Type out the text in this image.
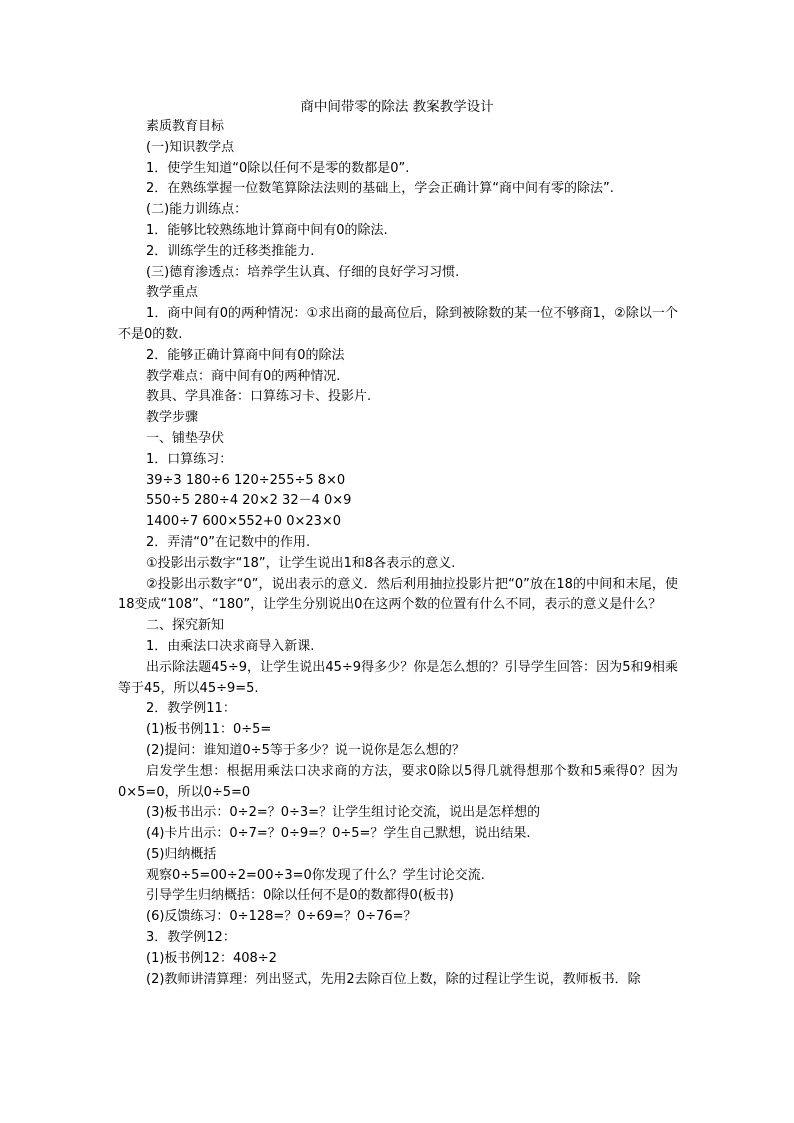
商中间带零的除法 教案教学设计

素质教育目标

(一)知识教学点

1．使学生知道“0除以任何不是零的数都是0”.

2．在熟练掌握一位数笔算除法法则的基础上，学会正确计算“商中间有零的除法”.

(二)能力训练点：

1．能够比较熟练地计算商中间有0的除法.

2．训练学生的迁移类推能力.

(三)德育渗透点：培养学生认真、仔细的良好学习习惯.

教学重点

1．商中间有0的两种情况：①求出商的最高位后，除到被除数的某一位不够商1，②除以一个不是0的数.

2．能够正确计算商中间有0的除法

教学难点：商中间有0的两种情况.

教具、学具准备：口算练习卡、投影片.

教学步骤

一、铺垫孕伏

1．口算练习：

39÷3 180÷6 120÷255÷5 8×0

550÷5 280÷4 20×2 32－4 0×9

1400÷7 600×552+0 0×23×0

2．弄清“0”在记数中的作用.

①投影出示数字“18”，让学生说出1和8各表示的意义.

②投影出示数字“0”，说出表示的意义．然后利用抽拉投影片把“0”放在18的中间和末尾，使18变成“108”、“180”，让学生分别说出0在这两个数的位置有什么不同，表示的意义是什么？

二、探究新知

1．由乘法口决求商导入新课.

出示除法题45÷9，让学生说出45÷9得多少？你是怎么想的？引导学生回答：因为5和9相乘等于45，所以45÷9=5.

2．教学例11：

(1)板书例11：0÷5=

(2)提问：谁知道0÷5等于多少？说一说你是怎么想的？

启发学生想：根据用乘法口决求商的方法，要求0除以5得几就得想那个数和5乘得0？因为0×5=0，所以0÷5=0

(3)板书出示：0÷2=？0÷3=？让学生组讨论交流，说出是怎样想的

(4)卡片出示：0÷7=？0÷9=？0÷5=？学生自己默想，说出结果.

(5)归纳概括

观察0÷5=00÷2=00÷3=0你发现了什么？学生讨论交流.

引导学生归纳概括：0除以任何不是0的数都得0(板书)

(6)反馈练习：0÷128=？0÷69=？0÷76=？

3．教学例12：

(1)板书例12：408÷2

(2)教师讲清算理：列出竖式，先用2去除百位上数，除的过程让学生说，教师板书．除
